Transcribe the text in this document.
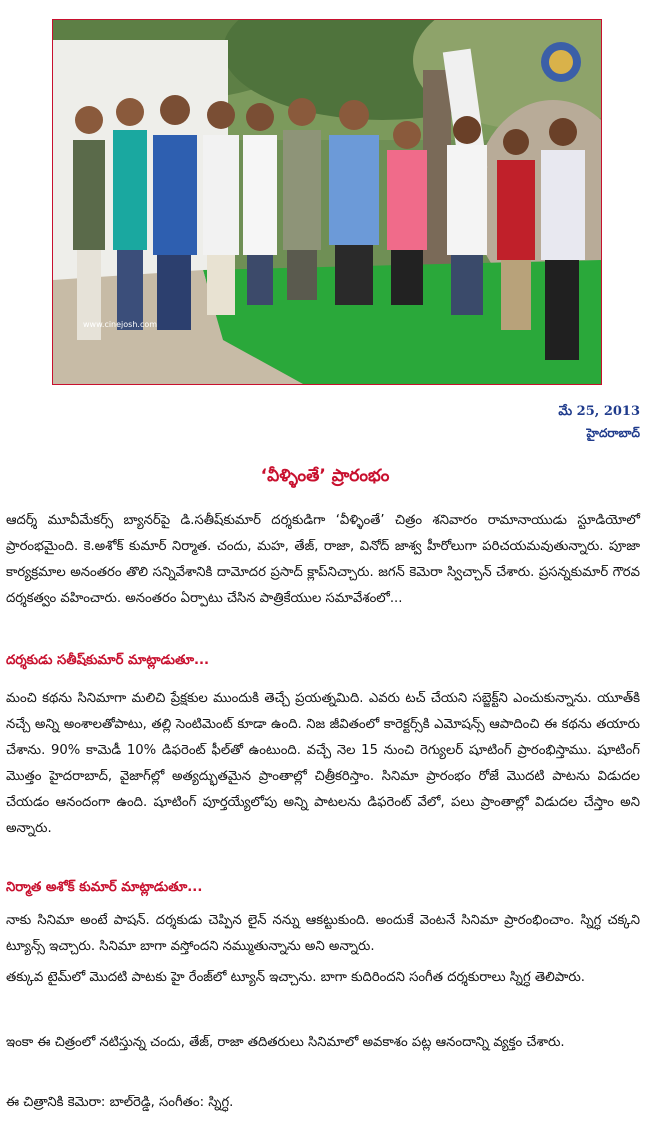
www.cinejosh.com
మే 25, 2013
హైదరాబాద్
‘వీళ్ళింతే’ ప్రారంభం

ఆదర్శ్ మూవీమేకర్స్ బ్యానర్‌పై డి.సతీష్‌కుమార్ దర్శకుడిగా ‘వీళ్ళింతే’ చిత్రం శనివారం రామానాయుడు స్టూడియోలో ప్రారంభమైంది. కె.అశోక్ కుమార్ నిర్మాత. చందు, మహ, తేజ్, రాజా, వినోద్ జాశ్వ హీరోలుగా పరిచయమవుతున్నారు. పూజా కార్యక్రమాల అనంతరం తొలి సన్నివేశానికి దామోదర ప్రసాద్ క్లాప్‌నిచ్చారు. జగన్ కెమెరా స్విచ్చాన్ చేశారు. ప్రసన్నకుమార్ గౌరవ దర్శకత్వం వహించారు. అనంతరం ఏర్పాటు చేసిన పాత్రికేయుల సమావేశంలో...

దర్శకుడు సతీష్‌కుమార్ మాట్లాడుతూ...

మంచి కథను సినిమాగా మలిచి ప్రేక్షకుల ముందుకి తెచ్చే ప్రయత్నమిది. ఎవరు టచ్ చేయని సబ్జెక్ట్‌ని ఎంచుకున్నాను. యూత్‌కి నచ్చే అన్ని అంశాలతోపాటు, తల్లి సెంటిమెంట్ కూడా ఉంది. నిజ జీవితంలో కారెక్టర్స్‌కి ఎమోషన్స్ ఆపాదించి ఈ కథను తయారు చేశాను. 90% కామెడీ 10% డిఫరెంట్ ఫీల్‌తో ఉంటుంది. వచ్చే నెల 15 నుంచి రెగ్యులర్ షూటింగ్ ప్రారంభిస్తాము. షూటింగ్ మొత్తం హైదరాబాద్, వైజాగ్‌ల్లో అత్యద్భుతమైన ప్రాంతాల్లో చిత్రీకరిస్తాం. సినిమా ప్రారంభం రోజే మొదటి పాటను విడుదల చేయడం ఆనందంగా ఉంది. షూటింగ్ పూర్తయ్యేలోపు అన్ని పాటలను డిఫరెంట్ వేలో, పలు ప్రాంతాల్లో విడుదల చేస్తాం అని అన్నారు.

నిర్మాత అశోక్ కుమార్ మాట్లాడుతూ...

నాకు సినిమా అంటే పాషన్. దర్శకుడు చెప్పిన లైన్ నన్ను ఆకట్టుకుంది. అందుకే వెంటనే సినిమా ప్రారంభించాం. స్నిగ్ధ చక్కని ట్యూన్స్ ఇచ్చారు. సినిమా బాగా వస్తోందని నమ్ముతున్నాను అని అన్నారు.

తక్కువ టైమ్‌లో మొదటి పాటకు హై రేంజ్‌లో ట్యూన్ ఇచ్చాను. బాగా కుదిరిందని సంగీత దర్శకురాలు స్నిగ్ధ తెలిపారు.

ఇంకా ఈ చిత్రంలో నటిస్తున్న చందు, తేజ్, రాజా తదితరులు సినిమాలో అవకాశం పట్ల ఆనందాన్ని వ్యక్తం చేశారు.

ఈ చిత్రానికి కెమెరా: బాల్‌రెడ్డి, సంగీతం: స్నిగ్ధ.
